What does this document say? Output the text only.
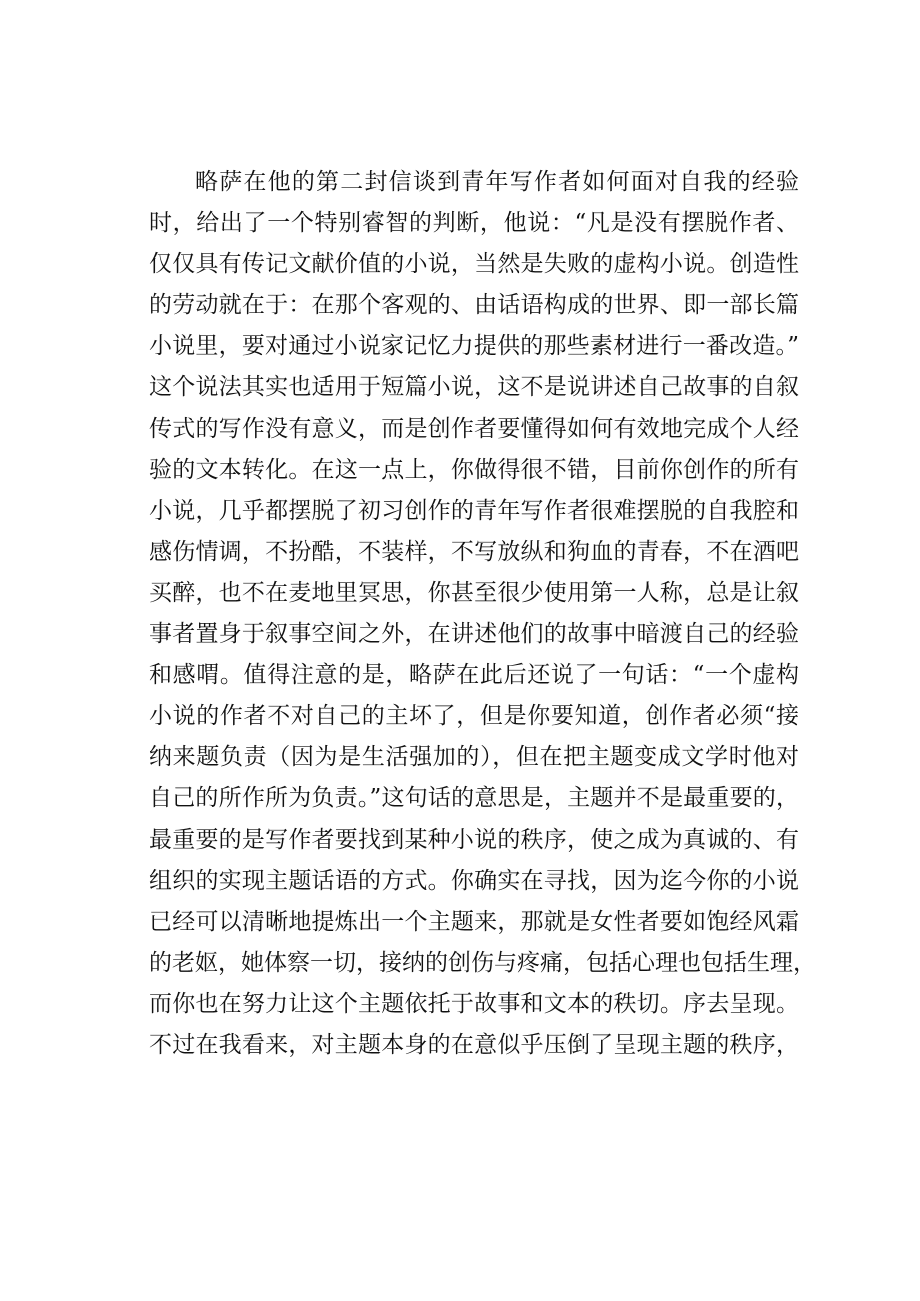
略萨在他的第二封信谈到青年写作者如何面对自我的经验
时，给出了一个特别睿智的判断，他说：“凡是没有摆脱作者、
仅仅具有传记文献价值的小说，当然是失败的虚构小说。创造性
的劳动就在于：在那个客观的、由话语构成的世界、即一部长篇
小说里，要对通过小说家记忆力提供的那些素材进行一番改造。”
这个说法其实也适用于短篇小说，这不是说讲述自己故事的自叙
传式的写作没有意义，而是创作者要懂得如何有效地完成个人经
验的文本转化。在这一点上，你做得很不错，目前你创作的所有
小说，几乎都摆脱了初习创作的青年写作者很难摆脱的自我腔和
感伤情调，不扮酷，不装样，不写放纵和狗血的青春，不在酒吧
买醉，也不在麦地里冥思，你甚至很少使用第一人称，总是让叙
事者置身于叙事空间之外，在讲述他们的故事中暗渡自己的经验
和感喟。值得注意的是，略萨在此后还说了一句话：“一个虚构
小说的作者不对自己的主坏了，但是你要知道，创作者必须“接
纳来题负责（因为是生活强加的），但在把主题变成文学时他对
自己的所作所为负责。”这句话的意思是，主题并不是最重要的，
最重要的是写作者要找到某种小说的秩序，使之成为真诚的、有
组织的实现主题话语的方式。你确实在寻找，因为迄今你的小说
已经可以清晰地提炼出一个主题来，那就是女性者要如饱经风霜
的老妪，她体察一切，接纳的创伤与疼痛，包括心理也包括生理，
而你也在努力让这个主题依托于故事和文本的秩切。序去呈现。
不过在我看来，对主题本身的在意似乎压倒了呈现主题的秩序，
